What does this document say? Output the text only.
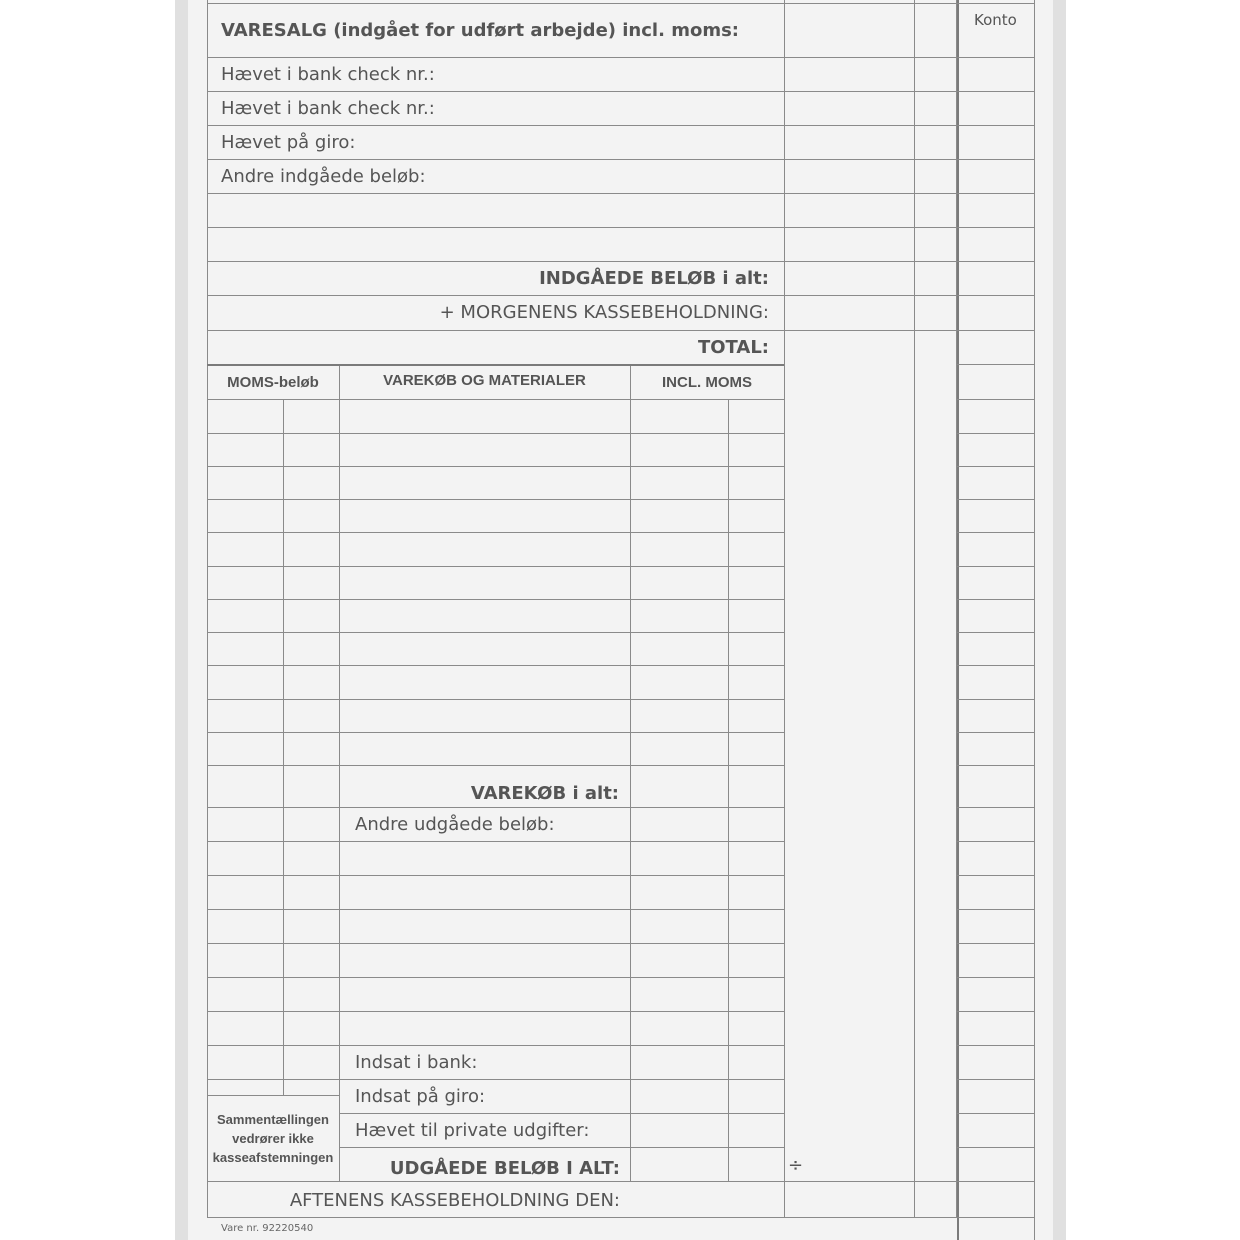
Konto
VARESALG (indgået for udført arbejde) incl. moms:
Hævet i bank check nr.:
Hævet i bank check nr.:
Hævet på giro:
Andre indgåede beløb:
INDGÅEDE BELØB i alt:
+ MORGENENS KASSEBEHOLDNING:
TOTAL:
MOMS-beløb	VAREKØB OG MATERIALER	INCL. MOMS
VAREKØB i alt:
Andre udgåede beløb:
Indsat i bank:
Indsat på giro:
Hævet til private udgifter:
Sammentællingen vedrører ikke kasseafstemningen
UDGÅEDE BELØB I ALT:	÷
AFTENENS KASSEBEHOLDNING DEN:
Vare nr. 92220540
